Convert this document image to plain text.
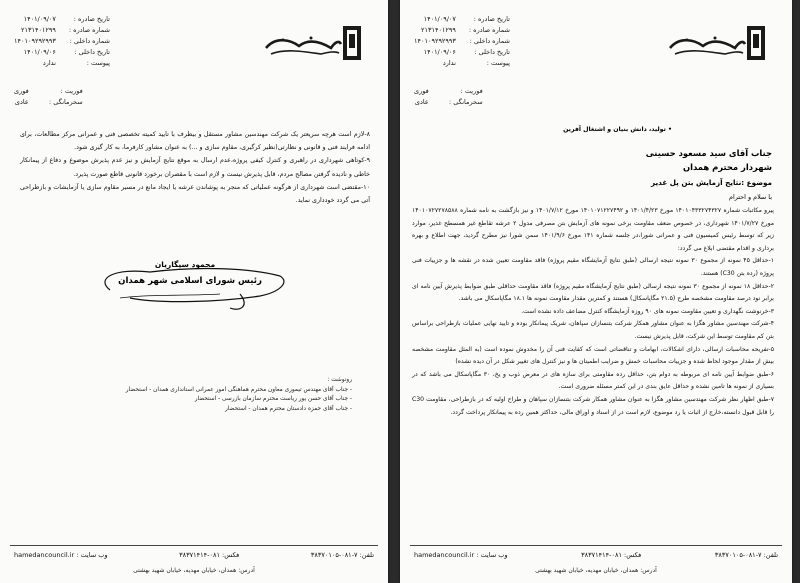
تاریخ صادره :
۱۴۰۱/۰۹/۰۷
شماره صادره :
۲۱۳۱۴۰۱۲۹۹
شماره داخلی :
۱۴۰۱۰۹۲۹۲۹۹۳
تاریخ داخلی :
۱۴۰۱/۰۹/۰۶
پیوست :
ندارد
فوریت :
فوری
سحرمانگی :
عادی

۸-لازم است هرچه سریعتر یک شرکت مهندسین مشاور مستقل و بیطرف با تایید کمیته تخصصی فنی و عمرانی مرکز مطالعات، برای ادامه فرایند فنی و قانونی و نظارتی(نظیر کرگیری، مقاوم سازی و ...) به عنوان مشاور کارفرما، به کار گیری شود.

۹-کوتاهی شهرداری در راهبری و کنترل کیفی پروژه،عدم ارسال به موقع نتایج آزمایش و نیز عدم پذیرش موضوع و دفاع از پیمانکار خاطی و نادیده گرفتن مصالح مردم، قابل پذیرش نیست و لازم است با مقصران برخورد قانونی قاطع صورت پذیرد.

۱۰-مقتضی است شهرداری از هرگونه عملیاتی که منجر به پوشاندن عرشه یا ایجاد مانع در مسیر مقاوم سازی یا آزمایشات و بازطراحی آتی می گردد خودداری نماید.

محمود سیگاریان
رئیس شورای اسلامی شهر همدان
رونوشت :
- جناب آقای مهندس تیموری معاون محترم هماهنگی امور عمرانی استانداری همدان - استحضار
- جناب آقای حسن پور ریاست محترم سازمان بازرسی - استحضار
- جناب آقای حمزه دادستان محترم همدان - استحضار
تلفن: ۷-۰۸۱-۳۸۳۷۰۱۰۵
فکس: ۰۸۱-۳۸۳۷۱۴۱۴
وب سایت : hamedancouncil.ir
آدرس: همدان، خیابان مهدیه، خیابان شهید بهشتی
تاریخ صادره :
۱۴۰۱/۰۹/۰۷
شماره صادره :
۲۱۳۱۴۰۱۲۹۹
شماره داخلی :
۱۴۰۱۰۹۲۹۲۹۹۳
تاریخ داخلی :
۱۴۰۱/۰۹/۰۶
پیوست :
ندارد
فوریت :
فوری
سحرمانگی :
عادی
• تولید، دانش بنیان و اشتغال آفرین
جناب آقای سید مسعود حسینی
شهردار محترم همدان
موضوع :نتایج آزمایش بتن پل غدیر
با سلام و احترام

پیرو مکاتبات شماره ۱۴۰۱۰۴۳۳۲۷۴۳۲۷ مورخ ۱۴۰۱/۴/۲۳ و ۱۴۰۱۰۷۱۲۲۷۴۹۲ مورخ ۱۴۰۱/۷/۱۲ و نیز بازگشت به نامه شماره ۱۴۰۱۰۷۲۷۲۷۸۵۸۸ مورخ ۱۴۰۱/۷/۲۷ شهرداری، در خصوص ضعف مقاومت برخی نمونه های آزمایش بتن مصرفی مدول ۲ عرشه تقاطع غیر همسطح غدیر، موارد زیر که توسط رئیس کمیسیون فنی و عمرانی شورا،در جلسه شماره ۱۴۱ مورخ ۱۴۰۱/۹/۶ سمن شورا نیز مطرح گردید، جهت اطلاع و بهره برداری و اقدام مقتضی ابلاغ می گردد:

۱-حداقل ۴۵ نمونه از مجموع ۳۰ نمونه نتیجه ارسالی (طبق نتایج آزمایشگاه مقیم پروژه) فاقد مقاومت تعیین شده در نقشه ها و جزییات فنی پروژه (رده بتن C30) هستند.

۲-حداقل ۱۸ نمونه از مجموع ۳۰ نمونه نتیجه ارسالی (طبق نتایج آزمایشگاه مقیم پروژه) فاقد مقاومت حداقلی طبق ضوابط پذیرش آیین نامه ای برابر نود درصد مقاومت مشخصه طرح (۲۱.۵ مگاپاسکال) هستند و کمترین مقدار مقاومت نمونه ها ۱۸.۱ مگاپاسکال می باشد.

۳-خرنوشت نگهداری و تعیین مقاومت نمونه های ۹۰ روزه آزمایشگاه کنترل مضاعف داده نشده است.

۴-شرکت مهندسین مشاور هگزا به عنوان مشاور همکار شرکت بتنسازان سپاهان، شریک پیمانکار بوده و تایید نهایی عملیات بازطراحی براساس بتن کم مقاومت توسط این شرکت، قابل پذیرش نیست.

۵-تفریحه محاسبات ارسالی، دارای اشکالات، ابهامات و تناقضاتی است که کفایت فنی آن را مخدوش نموده است (به المثل مقاومت مشخصه بیش از مقدار موجود لحاظ شده و جزییات محاسبات خمش و ضرایب اطمینان ها و نیز کنترل های تغییر شکل در آن دیده نشده)

۶-طبق ضوابط آیین نامه ای مربوطه به دوام بتن، حداقل رده مقاومتی برای سازه های در معرض ذوب و یخ، ۳۰ مگاپاسکال می باشد که در بسیاری از نمونه ها تامین نشده و حداقل عایق بندی در این کمتر مسئله ضروری است.

۷-طبق اظهار نظر شرکت مهندسین مشاور هگزا به عنوان مشاور همکار شرکت بتنسازان سپاهان و طراح اولیه که در بازطراحی، مقاومت C30 را قابل قبول دانسته،خارج از اثبات یا رد موضوع، لازم است در از اسناد و اوراق مالی، حداکثر همین رده به پیمانکار پرداخت گردد.

تلفن: ۷-۰۸۱-۳۸۳۷۰۱۰۵
فکس: ۰۸۱-۳۸۳۷۱۴۱۴
وب سایت : hamedancouncil.ir
آدرس: همدان، خیابان مهدیه، خیابان شهید بهشتی
